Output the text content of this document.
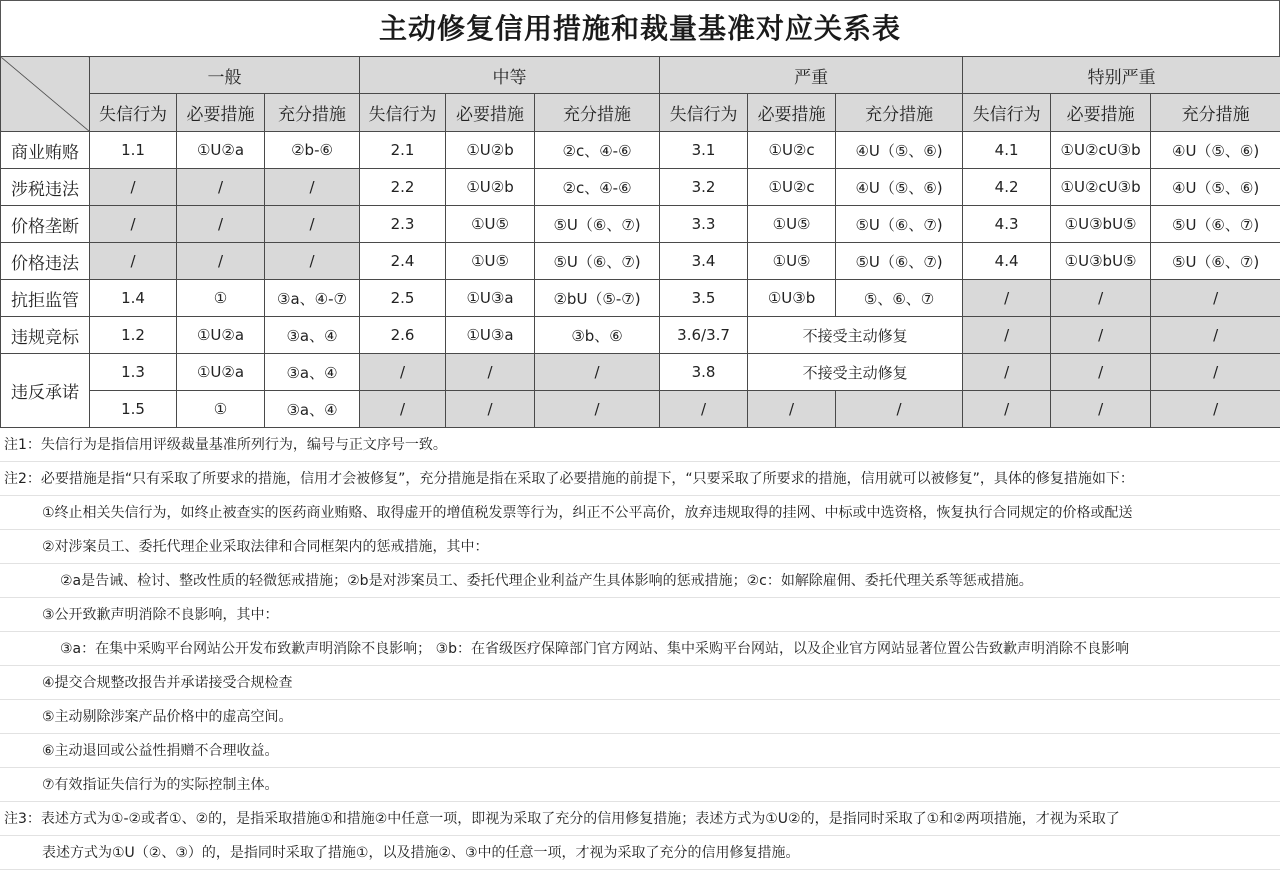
主动修复信用措施和裁量基准对应关系表
	一般			中等			严重			特别严重		
	失信行为	必要措施	充分措施	失信行为	必要措施	充分措施	失信行为	必要措施	充分措施	失信行为	必要措施	充分措施
商业贿赂	1.1	①U②a	②b-⑥	2.1	①U②b	②c、④-⑥	3.1	①U②c	④U（⑤、⑥)	4.1	①U②cU③b	④U（⑤、⑥)
涉税违法	/	/	/	2.2	①U②b	②c、④-⑥	3.2	①U②c	④U（⑤、⑥)	4.2	①U②cU③b	④U（⑤、⑥)
价格垄断	/	/	/	2.3	①U⑤	⑤U（⑥、⑦)	3.3	①U⑤	⑤U（⑥、⑦)	4.3	①U③bU⑤	⑤U（⑥、⑦)
价格违法	/	/	/	2.4	①U⑤	⑤U（⑥、⑦)	3.4	①U⑤	⑤U（⑥、⑦)	4.4	①U③bU⑤	⑤U（⑥、⑦)
抗拒监管	1.4	①	③a、④-⑦	2.5	①U③a	②bU（⑤-⑦)	3.5	①U③b	⑤、⑥、⑦	/	/	/
违规竞标	1.2	①U②a	③a、④	2.6	①U③a	③b、⑥	3.6/3.7	不接受主动修复		/	/	/
违反承诺	1.3	①U②a	③a、④	/	/	/	3.8	不接受主动修复		/	/	/
	1.5	①	③a、④	/	/	/	/	/	/	/	/	/
注1：失信行为是指信用评级裁量基准所列行为，编号与正文序号一致。
注2：必要措施是指“只有采取了所要求的措施，信用才会被修复”，充分措施是指在采取了必要措施的前提下，“只要采取了所要求的措施，信用就可以被修复”，具体的修复措施如下：
①终止相关失信行为，如终止被查实的医药商业贿赂、取得虚开的增值税发票等行为，纠正不公平高价，放弃违规取得的挂网、中标或中选资格，恢复执行合同规定的价格或配送
②对涉案员工、委托代理企业采取法律和合同框架内的惩戒措施，其中：
②a是告诫、检讨、整改性质的轻微惩戒措施；②b是对涉案员工、委托代理企业利益产生具体影响的惩戒措施；②c：如解除雇佣、委托代理关系等惩戒措施。
③公开致歉声明消除不良影响，其中：
③a：在集中采购平台网站公开发布致歉声明消除不良影响； ③b：在省级医疗保障部门官方网站、集中采购平台网站，以及企业官方网站显著位置公告致歉声明消除不良影响
④提交合规整改报告并承诺接受合规检查
⑤主动剔除涉案产品价格中的虚高空间。
⑥主动退回或公益性捐赠不合理收益。
⑦有效指证失信行为的实际控制主体。
注3：表述方式为①-②或者①、②的，是指采取措施①和措施②中任意一项，即视为采取了充分的信用修复措施；表述方式为①U②的，是指同时采取了①和②两项措施，才视为采取了
表述方式为①U（②、③）的，是指同时采取了措施①，以及措施②、③中的任意一项，才视为采取了充分的信用修复措施。
